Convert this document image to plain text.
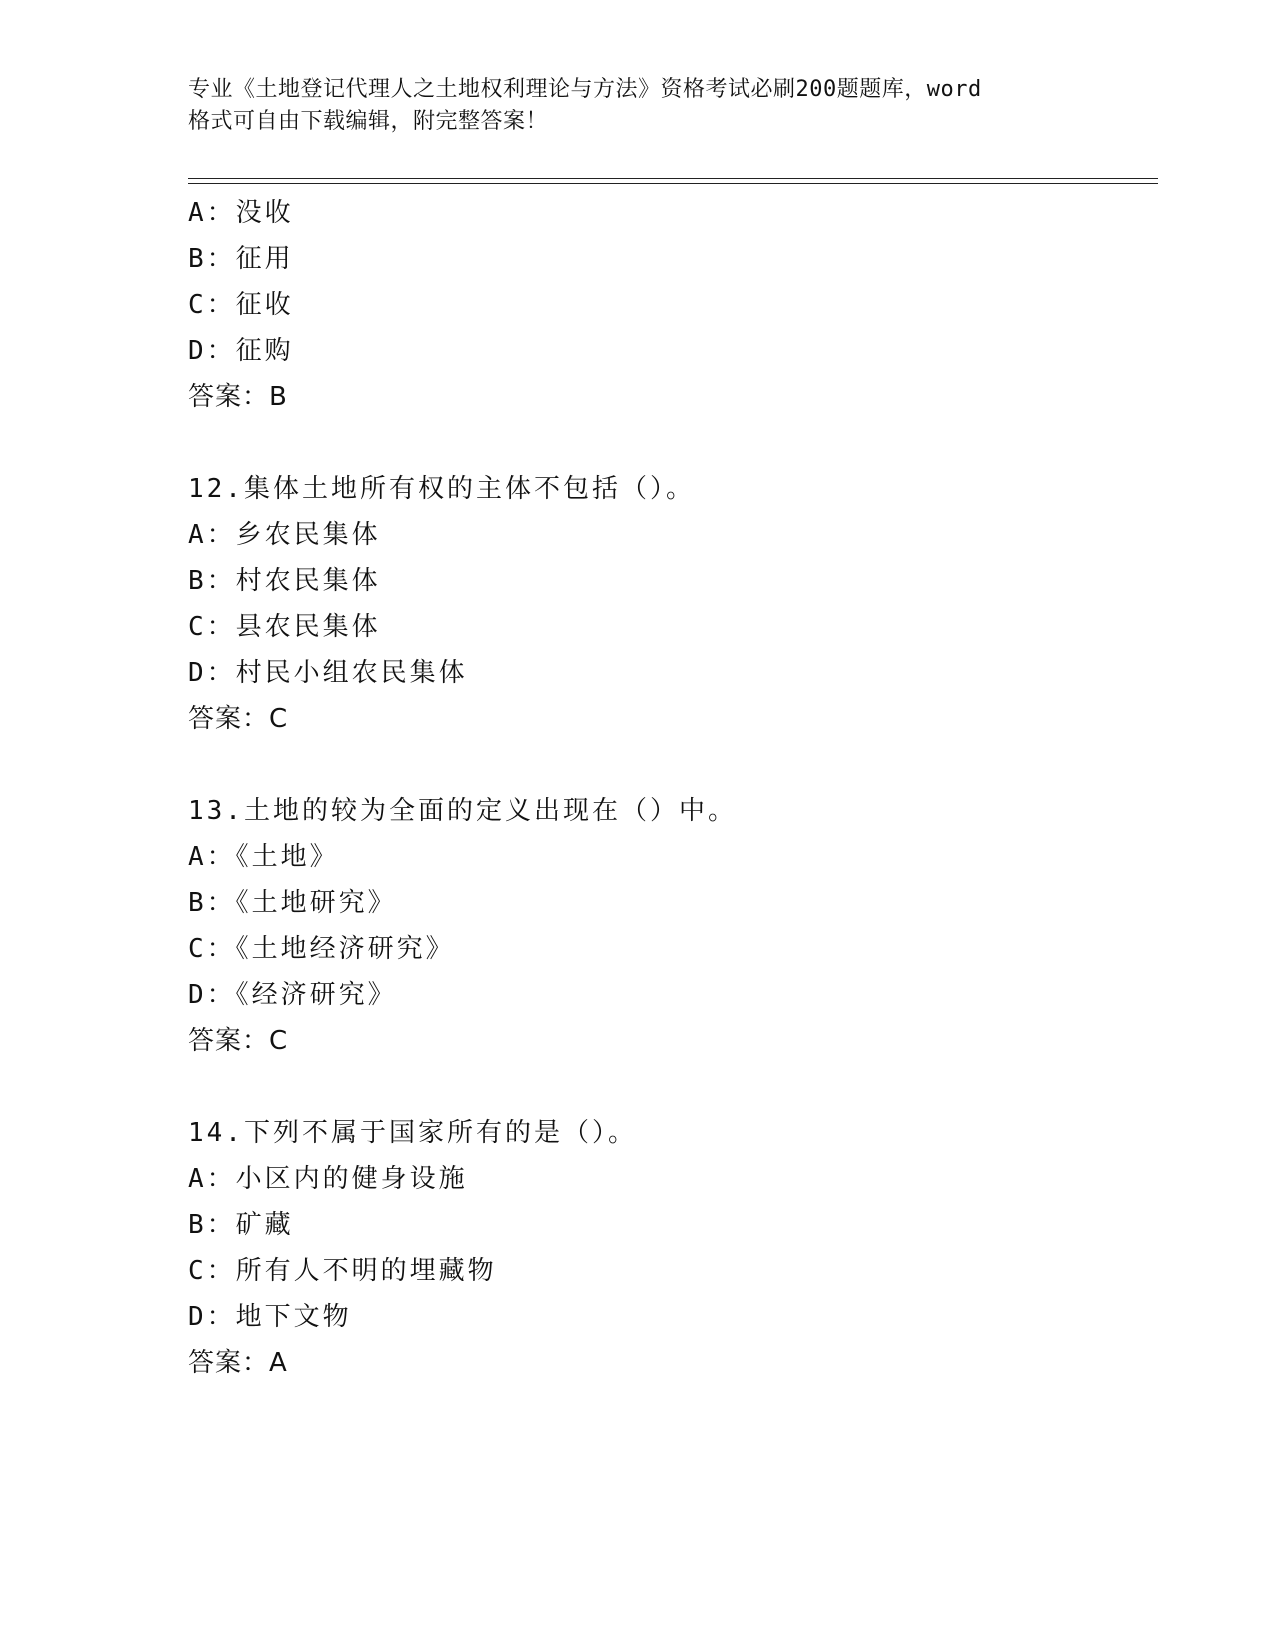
专业《土地登记代理人之土地权利理论与方法》资格考试必刷200题题库，word
格式可自由下载编辑，附完整答案！
A：没收
B：征用
C：征收
D：征购
答案：B
12.集体土地所有权的主体不包括（）。
A：乡农民集体
B：村农民集体
C：县农民集体
D：村民小组农民集体
答案：C
13.土地的较为全面的定义出现在（）中。
A：《土地》
B：《土地研究》
C：《土地经济研究》
D：《经济研究》
答案：C
14.下列不属于国家所有的是（）。
A：小区内的健身设施
B：矿藏
C：所有人不明的埋藏物
D：地下文物
答案：A
